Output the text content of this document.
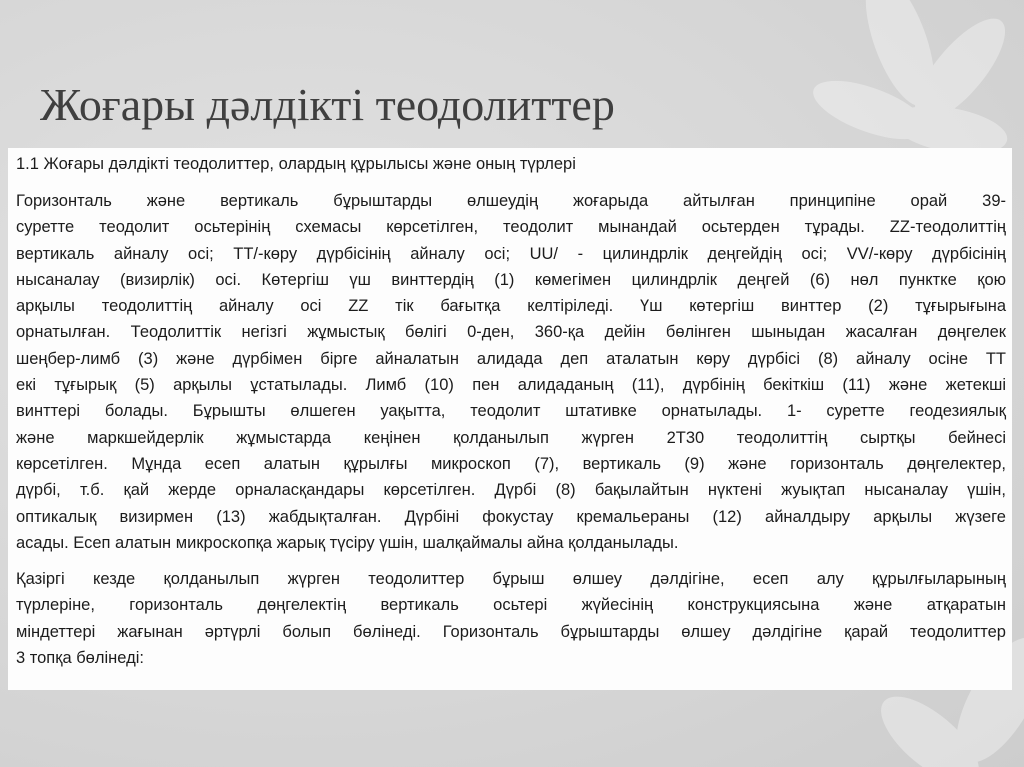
Жоғары дәлдікті теодолиттер
1.1 Жоғары дәлдікті теодолиттер, олардың құрылысы және оның түрлері
Горизонталь және вертикаль бұрыштарды өлшеудің жоғарыда айтылған принципіне орай 39-
суретте теодолит осьтерінің схемасы көрсетілген, теодолит мынандай осьтерден тұрады. ZZ-теодолиттің
вертикаль айналу осі; TT/-көру дүрбісінің айналу осі; UU/ - цилиндрлік деңгейдің осі; VV/-көру дүрбісінің
нысаналау (визирлік) осі. Көтергіш үш винттердің (1) көмегімен цилиндрлік деңгей (6) нөл пунктке қою
арқылы теодолиттің айналу осі ZZ тік бағытқа келтіріледі. Үш көтергіш винттер (2) тұғырығына
орнатылған. Теодолиттік негізгі жұмыстық бөлігі 0-ден, 360-қа дейін бөлінген шыныдан жасалған дөңгелек
шеңбер-лимб (3) және дүрбімен бірге айналатын алидада деп аталатын көру дүрбісі (8) айналу осіне TT
екі тұғырық (5) арқылы ұстатылады. Лимб (10) пен алидаданың (11), дүрбінің бекіткіш (11) және жетекші
винттері болады. Бұрышты өлшеген уақытта, теодолит штативке орнатылады. 1- суретте геодезиялық
және маркшейдерлік жұмыстарда кеңінен қолданылып жүрген 2Т30 теодолиттің сыртқы бейнесі
көрсетілген. Мұнда есеп алатын құрылғы микроскоп (7), вертикаль (9) және горизонталь дөңгелектер,
дүрбі, т.б. қай жерде орналасқандары көрсетілген. Дүрбі (8) бақылайтын нүктені жуықтап нысаналау үшін,
оптикалық визирмен (13) жабдықталған. Дүрбіні фокустау кремальераны (12) айналдыру арқылы жүзеге
асады. Есеп алатын микроскопқа жарық түсіру үшін, шалқаймалы айна қолданылады.
Қазіргі кезде қолданылып жүрген теодолиттер бұрыш өлшеу дәлдігіне, есеп алу құрылғыларының
түрлеріне, горизонталь дөңгелектің вертикаль осьтері жүйесінің конструкциясына және атқаратын
міндеттері жағынан әртүрлі болып бөлінеді. Горизонталь бұрыштарды өлшеу дәлдігіне қарай теодолиттер
3 топқа бөлінеді:
